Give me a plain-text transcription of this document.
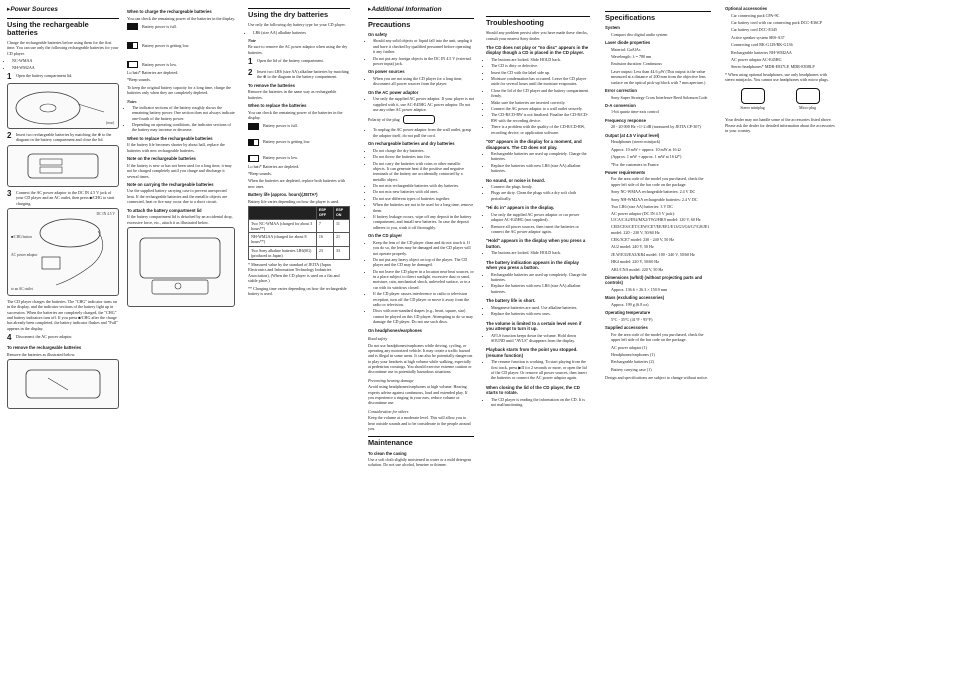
▸Power Sources
Using the rechargeable batteries

Charge the rechargeable batteries before using them for the first time. You can use only the following rechargeable batteries for your CD player.

• NC-WMAA
• NH-WM2AA
1	Open the battery compartment lid.
(rear)
2	Insert two rechargeable batteries by matching the ⊕ to the diagram in the battery compartment and close the lid.
3	Connect the AC power adaptor to the DC IN 4.5 V jack of your CD player and an AC outlet, then press ■/CHG to start charging.
DC IN 4.5 V
■/CHG button
AC power adaptor
to an AC outlet

The CD player charges the batteries. The "CHG" indicator turns on in the display, and the indicator sections of the battery light up in succession. When the batteries are completely charged, the "CHG" and battery indicators turn off. If you press ■/CHG after the charge has already been completed, the battery indicator flashes and "Full" appears in the display.

4	Disconnect the AC power adaptor.
To remove the rechargeable batteries

Remove the batteries as illustrated below.

When to charge the rechargeable batteries

You can check the remaining power of the batteries in the display.

Battery power is full.
Battery power is getting low.
Battery power is low.

Lo batt* Batteries are depleted.

*Beep sounds.

To keep the original battery capacity for a long time, charge the batteries only when they are completely depleted.

Notes
• The indicator sections of the battery roughly shows the remaining battery power. One section does not always indicate one-fourth of the battery power.
• Depending on operating conditions, the indicator sections of the battery may increase or decrease.
When to replace the rechargeable batteries

If the battery life becomes shorter by about half, replace the batteries with new rechargeable batteries.

Note on the rechargeable batteries

If the battery is new or has not been used for a long time, it may not be charged completely until you charge and discharge it several times.

Note on carrying the rechargeable batteries

Use the supplied battery carrying case to prevent unexpected heat. If the rechargeable batteries and the metallic objects are connected, heat or fire may occur due to a short circuit.

To attach the battery compartment lid

If the battery compartment lid is detached by an accidental drop, excessive force, etc., attach it as illustrated below.

Using the dry batteries

Use only the following dry battery type for your CD player.

• LR6 (size AA) alkaline batteries
Note

Be sure to remove the AC power adaptor when using the dry batteries.

1	Open the lid of the battery compartment.
2	Insert two LR6 (size AA) alkaline batteries by matching the ⊕ to the diagram in the battery compartment.
To remove the batteries

Remove the batteries in the same way as rechargeable batteries.

When to replace the batteries

You can check the remaining power of the batteries in the display.

Battery power is full.
Battery power is getting low.
Battery power is low.

Lo batt* Batteries are depleted.

*Beep sounds.

When the batteries are depleted, replace both batteries with new ones.

Battery life (approx. hours)(JEITA*)

Battery life varies depending on how the player is used.

	ESP OFF	ESP ON
Two NC-WMAA (charged for about 3 hours**)	7	11
NH-WM2AA (charged for about 8 hours**)	16	21
Two Sony alkaline batteries LR6(SG) (produced in Japan)	23	33

* Measured value by the standard of JEITA (Japan Electronics and Information Technology Industries Association). (When the CD player is used on a flat and stable place.)

** Charging time varies depending on how the rechargeable battery is used.

▸Additional Information
Precautions
On safety
• Should any solid objects or liquid fall into the unit, unplug it and have it checked by qualified personnel before operating it any further.
• Do not put any foreign objects in the DC IN 4.5 V (external power input) jack.
On power sources
• When you are not using the CD player for a long time, disconnect all power sources from the player.
On the AC power adaptor
• Use only the supplied AC power adaptor. If your player is not supplied with it, use AC-E45HG AC power adaptor. Do not use any other AC power adaptor.
Polarity of the plug
• To unplug the AC power adaptor from the wall outlet, grasp the adaptor itself, do not pull the cord.
On rechargeable batteries and dry batteries
• Do not charge the dry batteries.
• Do not throw the batteries into fire.
• Do not carry the batteries with coins or other metallic objects. It can generate heat if the positive and negative terminals of the battery are accidentally contacted by a metallic object.
• Do not mix rechargeable batteries with dry batteries.
• Do not mix new batteries with old ones.
• Do not use different types of batteries together.
• When the batteries are not to be used for a long time, remove them.
• If battery leakage occurs, wipe off any deposit in the battery compartment, and install new batteries. In case the deposit adheres to you, wash it off thoroughly.
On the CD player
• Keep the lens of the CD player clean and do not touch it. If you do so, the lens may be damaged and the CD player will not operate properly.
• Do not put any heavy object on top of the player. The CD player and the CD may be damaged.
• Do not leave the CD player in a location near heat sources, or in a place subject to direct sunlight, excessive dust or sand, moisture, rain, mechanical shock, unleveled surface, or in a car with its windows closed.
• If the CD player causes interference to radio or television reception, turn off the CD player or move it away from the radio or television.
• Discs with non-standard shapes (e.g., heart, square, star) cannot be played on this CD player. Attempting to do so may damage the CD player. Do not use such discs.
On headphones/earphones
Road safety

Do not use headphones/earphones while driving, cycling, or operating any motorized vehicle. It may create a traffic hazard and is illegal in some areas. It can also be potentially dangerous to play your headsets at high volume while walking, especially at pedestrian crossings. You should exercise extreme caution or discontinue use in potentially hazardous situations.

Preventing hearing damage

Avoid using headphones/earphones at high volume. Hearing experts advise against continuous, loud and extended play. If you experience a ringing in your ears, reduce volume or discontinue use.

Consideration for others

Keep the volume at a moderate level. This will allow you to hear outside sounds and to be considerate to the people around you.

Maintenance
To clean the casing

Use a soft cloth slightly moistened in water or a mild detergent solution. Do not use alcohol, benzine or thinner.

Troubleshooting

Should any problem persist after you have made these checks, consult your nearest Sony dealer.

The CD does not play or "no disc" appears in the display though a CD is placed in the CD player.
• The buttons are locked. Slide HOLD back.
• The CD is dirty or defective.
• Insert the CD with the label side up.
• Moisture condensation has occurred. Leave the CD player aside for several hours until the moisture evaporates.
• Close the lid of the CD player and the battery compartment firmly.
• Make sure the batteries are inserted correctly.
• Connect the AC power adaptor to a wall outlet securely.
• The CD-R/CD-RW is not finalized. Finalize the CD-R/CD-RW with the recording device.
• There is a problem with the quality of the CD-R/CD-RW, recording device, or application software.
"00" appears in the display for a moment, and disappears. The CD does not play.
• Rechargeable batteries are used up completely. Charge the batteries.
• Replace the batteries with new LR6 (size AA) alkaline batteries.
No sound, or noise is heard.
• Connect the plugs firmly.
• Plugs are dirty. Clean the plugs with a dry soft cloth periodically.
"Hi dc in" appears in the display.
• Use only the supplied AC power adaptor or car power adaptor AC-E45HG (not supplied).
• Remove all power sources, then insert the batteries or connect the AC power adaptor again.
"Hold" appears in the display when you press a button.
• The buttons are locked. Slide HOLD back.
The battery indication appears in the display when you press a button.
• Rechargeable batteries are used up completely. Charge the batteries.
• Replace the batteries with new LR6 (size AA) alkaline batteries.
The battery life is short.
• Manganese batteries are used. Use alkaline batteries.
• Replace the batteries with new ones.
The volume is limited to a certain level even if you attempt to turn it up.
• AVLS function keeps down the volume. Hold down SOUND until "AVLS" disappears from the display.
Playback starts from the point you stopped. (resume function)
• The resume function is working. To start playing from the first track, press ▶II for 2 seconds or more, or open the lid of the CD player. Or remove all power sources, then insert the batteries or connect the AC power adaptor again.
When closing the lid of the CD player, the CD starts to rotate.
• The CD player is reading the information on the CD. It is not malfunctioning.
Specifications
System

Compact disc digital audio system

Laser diode properties

Material: GaAlAs

Wavelength: λ = 780 nm

Emission duration: Continuous

Laser output: Less than 44.6 μW (This output is the value measured at a distance of 200 mm from the objective lens surface on the optical pick-up block with 7 mm aperture.)

Error correction

Sony Super Strategy Cross Interleave Reed Solomon Code

D-A conversion

1-bit quartz time-axis control

Frequency response

20 - 20 000 Hz +1/-2 dB (measured by JEITA CP-307)

Output (at 4.5 V input level)

Headphones (stereo minijack)

Approx. 10 mW + approx. 10 mW at 16 Ω

(Approx. 1 mW + approx. 1 mW at 16 Ω*)

*For the customers in France

Power requirements

For the area code of the model you purchased, check the upper left side of the bar code on the package.

Sony NC-WMAA rechargeable batteries: 2.4 V DC

Sony NH-WM2AA rechargeable batteries: 2.4 V DC

Two LR6 (size AA) batteries: 3 V DC

AC power adaptor (DC IN 4.5 V jack): U/CA/CA2/E92/MX2/TW2/HK9 model: 120 V, 60 Hz

CED/CES/CET/CEW/CE7/EE/EE1/E13/G5/G6/G7/G8/JE1 model: 220 - 230 V, 50/60 Hz

CEK/3CE7 model: 230 - 240 V, 50 Hz

AU2 model: 240 V, 50 Hz

JE.W/E33/EA3/KR4 model: 100 - 240 V, 50/60 Hz

HK4 model: 220 V, 50/60 Hz

AR1/CNA model: 220 V, 50 Hz

Dimensions (w/h/d) (without projecting parts and controls)

Approx. 136.6 × 26.3 × 150.9 mm

Mass (excluding accessories)

Approx. 199 g (6.8 oz)

Operating temperature

5°C - 35°C (41°F - 95°F)

Supplied accessories

For the area code of the model you purchased, check the upper left side of the bar code on the package.

AC power adaptor (1)

Headphones/earphones (1)

Rechargeable batteries (2)

Battery carrying case (1)

Design and specifications are subject to change without notice.

Optional accessories

Car connecting pack CPA-9C

Car battery cord with car connecting pack DCC-E36CP

Car battery cord DCC-E345

Active speaker system SRS-A37

Connecting cord RK-G129/RK-G136

Rechargeable batteries NH-WM2AA

AC power adaptor AC-E45HG

Stereo headphones* MDR-E837LP, MDR-E838LP

* When using optional headphones, use only headphones with stereo minijacks. You cannot use headphones with micro plugs.

Stereo miniplug	Micro plug

Your dealer may not handle some of the accessories listed above. Please ask the dealer for detailed information about the accessories in your country.
